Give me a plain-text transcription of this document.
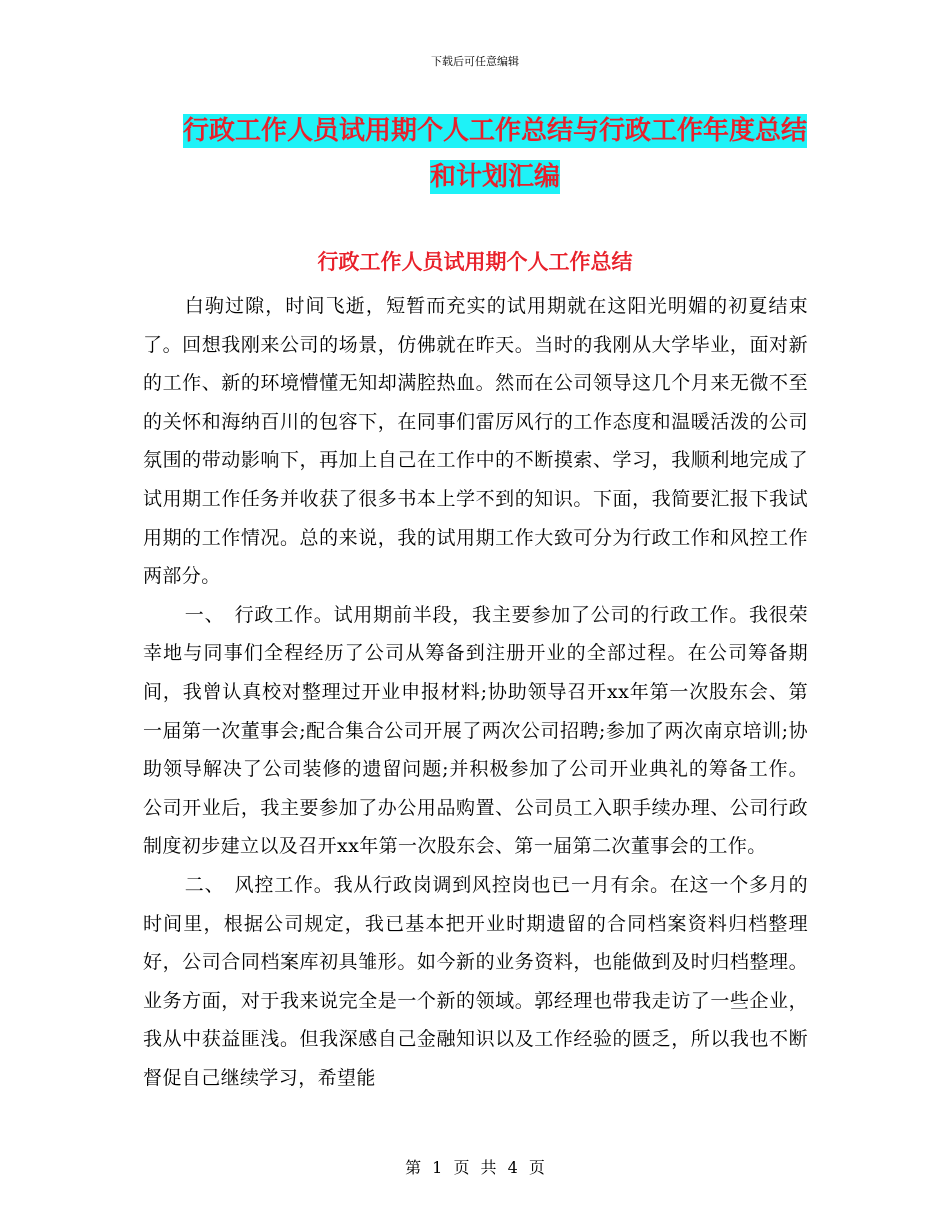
下载后可任意编辑
行政工作人员试用期个人工作总结与行政工作年度总结和计划汇编
行政工作人员试用期个人工作总结

白驹过隙，时间飞逝，短暂而充实的试用期就在这阳光明媚的初夏结束了。回想我刚来公司的场景，仿佛就在昨天。当时的我刚从大学毕业，面对新的工作、新的环境懵懂无知却满腔热血。然而在公司领导这几个月来无微不至的关怀和海纳百川的包容下，在同事们雷厉风行的工作态度和温暖活泼的公司氛围的带动影响下，再加上自己在工作中的不断摸索、学习，我顺利地完成了试用期工作任务并收获了很多书本上学不到的知识。下面，我简要汇报下我试用期的工作情况。总的来说，我的试用期工作大致可分为行政工作和风控工作两部分。

一、　行政工作。试用期前半段，我主要参加了公司的行政工作。我很荣幸地与同事们全程经历了公司从筹备到注册开业的全部过程。在公司筹备期间，我曾认真校对整理过开业申报材料;协助领导召开xx年第一次股东会、第一届第一次董事会;配合集合公司开展了两次公司招聘;参加了两次南京培训;协助领导解决了公司装修的遗留问题;并积极参加了公司开业典礼的筹备工作。公司开业后，我主要参加了办公用品购置、公司员工入职手续办理、公司行政制度初步建立以及召开xx年第一次股东会、第一届第二次董事会的工作。

二、　风控工作。我从行政岗调到风控岗也已一月有余。在这一个多月的时间里，根据公司规定，我已基本把开业时期遗留的合同档案资料归档整理好，公司合同档案库初具雏形。如今新的业务资料，也能做到及时归档整理。业务方面，对于我来说完全是一个新的领域。郭经理也带我走访了一些企业，我从中获益匪浅。但我深感自己金融知识以及工作经验的匮乏，所以我也不断督促自己继续学习，希望能

第 1 页 共 4 页
